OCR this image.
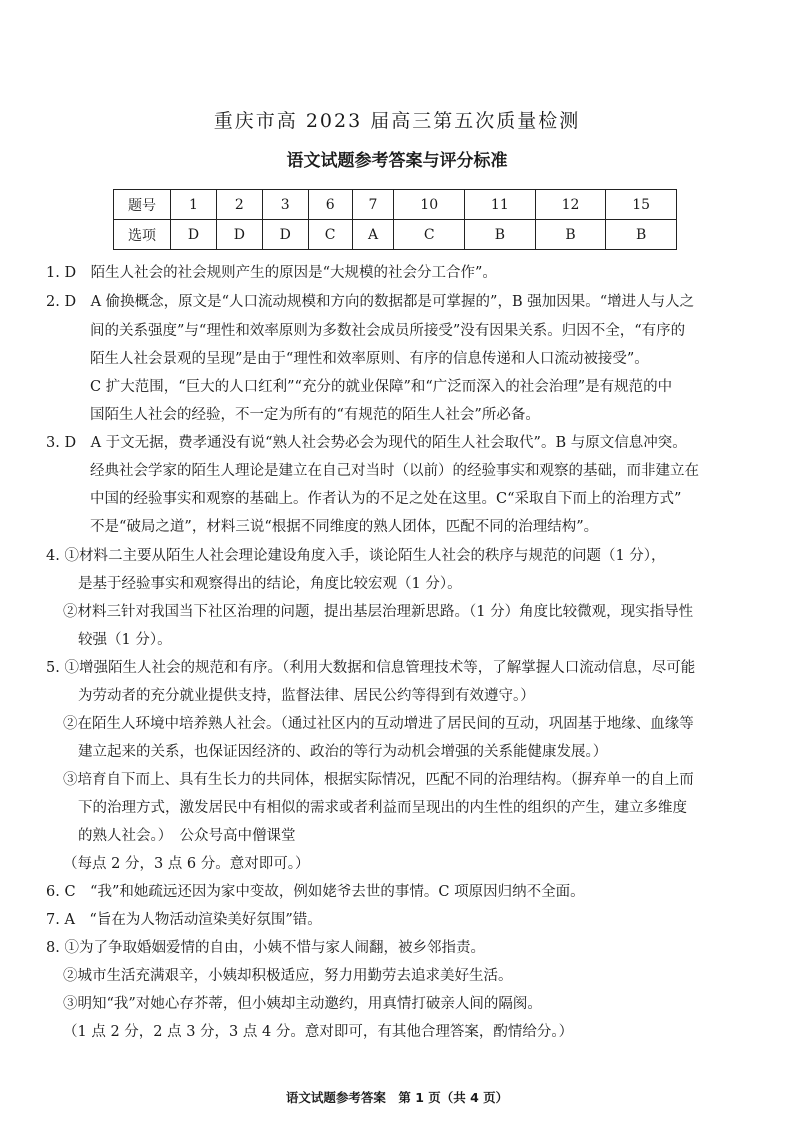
重庆市高 2023 届高三第五次质量检测
语文试题参考答案与评分标准
题号	1	2	3	6	7	10	11	12	15
选项	D	D	D	C	A	C	B	B	B
1. D　陌生人社会的社会规则产生的原因是“大规模的社会分工合作”。
2. D　A 偷换概念，原文是“人口流动规模和方向的数据都是可掌握的”，B 强加因果。“增进人与人之
间的关系强度”与“理性和效率原则为多数社会成员所接受”没有因果关系。归因不全，“有序的
陌生人社会景观的呈现”是由于“理性和效率原则、有序的信息传递和人口流动被接受”。
C 扩大范围，“巨大的人口红利”“充分的就业保障”和“广泛而深入的社会治理”是有规范的中
国陌生人社会的经验，不一定为所有的“有规范的陌生人社会”所必备。
3. D　A 于文无据，费孝通没有说“熟人社会势必会为现代的陌生人社会取代”。B 与原文信息冲突。
经典社会学家的陌生人理论是建立在自己对当时（以前）的经验事实和观察的基础，而非建立在
中国的经验事实和观察的基础上。作者认为的不足之处在这里。C“采取自下而上的治理方式”
不是“破局之道”，材料三说“根据不同维度的熟人团体，匹配不同的治理结构”。
4. ①材料二主要从陌生人社会理论建设角度入手，谈论陌生人社会的秩序与规范的问题（1 分），
是基于经验事实和观察得出的结论，角度比较宏观（1 分）。
②材料三针对我国当下社区治理的问题，提出基层治理新思路。（1 分）角度比较微观，现实指导性
较强（1 分）。
5. ①增强陌生人社会的规范和有序。（利用大数据和信息管理技术等，了解掌握人口流动信息，尽可能
为劳动者的充分就业提供支持，监督法律、居民公约等得到有效遵守。）
②在陌生人环境中培养熟人社会。（通过社区内的互动增进了居民间的互动，巩固基于地缘、血缘等
建立起来的关系，也保证因经济的、政治的等行为动机会增强的关系能健康发展。）
③培育自下而上、具有生长力的共同体，根据实际情况，匹配不同的治理结构。（摒弃单一的自上而
下的治理方式，激发居民中有相似的需求或者利益而呈现出的内生性的组织的产生，建立多维度
的熟人社会。）　公众号高中僧课堂
（每点 2 分，3 点 6 分。意对即可。）
6. C　“我”和她疏远还因为家中变故，例如姥爷去世的事情。C 项原因归纳不全面。
7. A　“旨在为人物活动渲染美好氛围”错。
8. ①为了争取婚姻爱情的自由，小姨不惜与家人闹翻，被乡邻指责。
②城市生活充满艰辛，小姨却积极适应，努力用勤劳去追求美好生活。
③明知“我”对她心存芥蒂，但小姨却主动邀约，用真情打破亲人间的隔阂。
（1 点 2 分，2 点 3 分，3 点 4 分。意对即可，有其他合理答案，酌情给分。）
语文试题参考答案　第 1 页（共 4 页）
